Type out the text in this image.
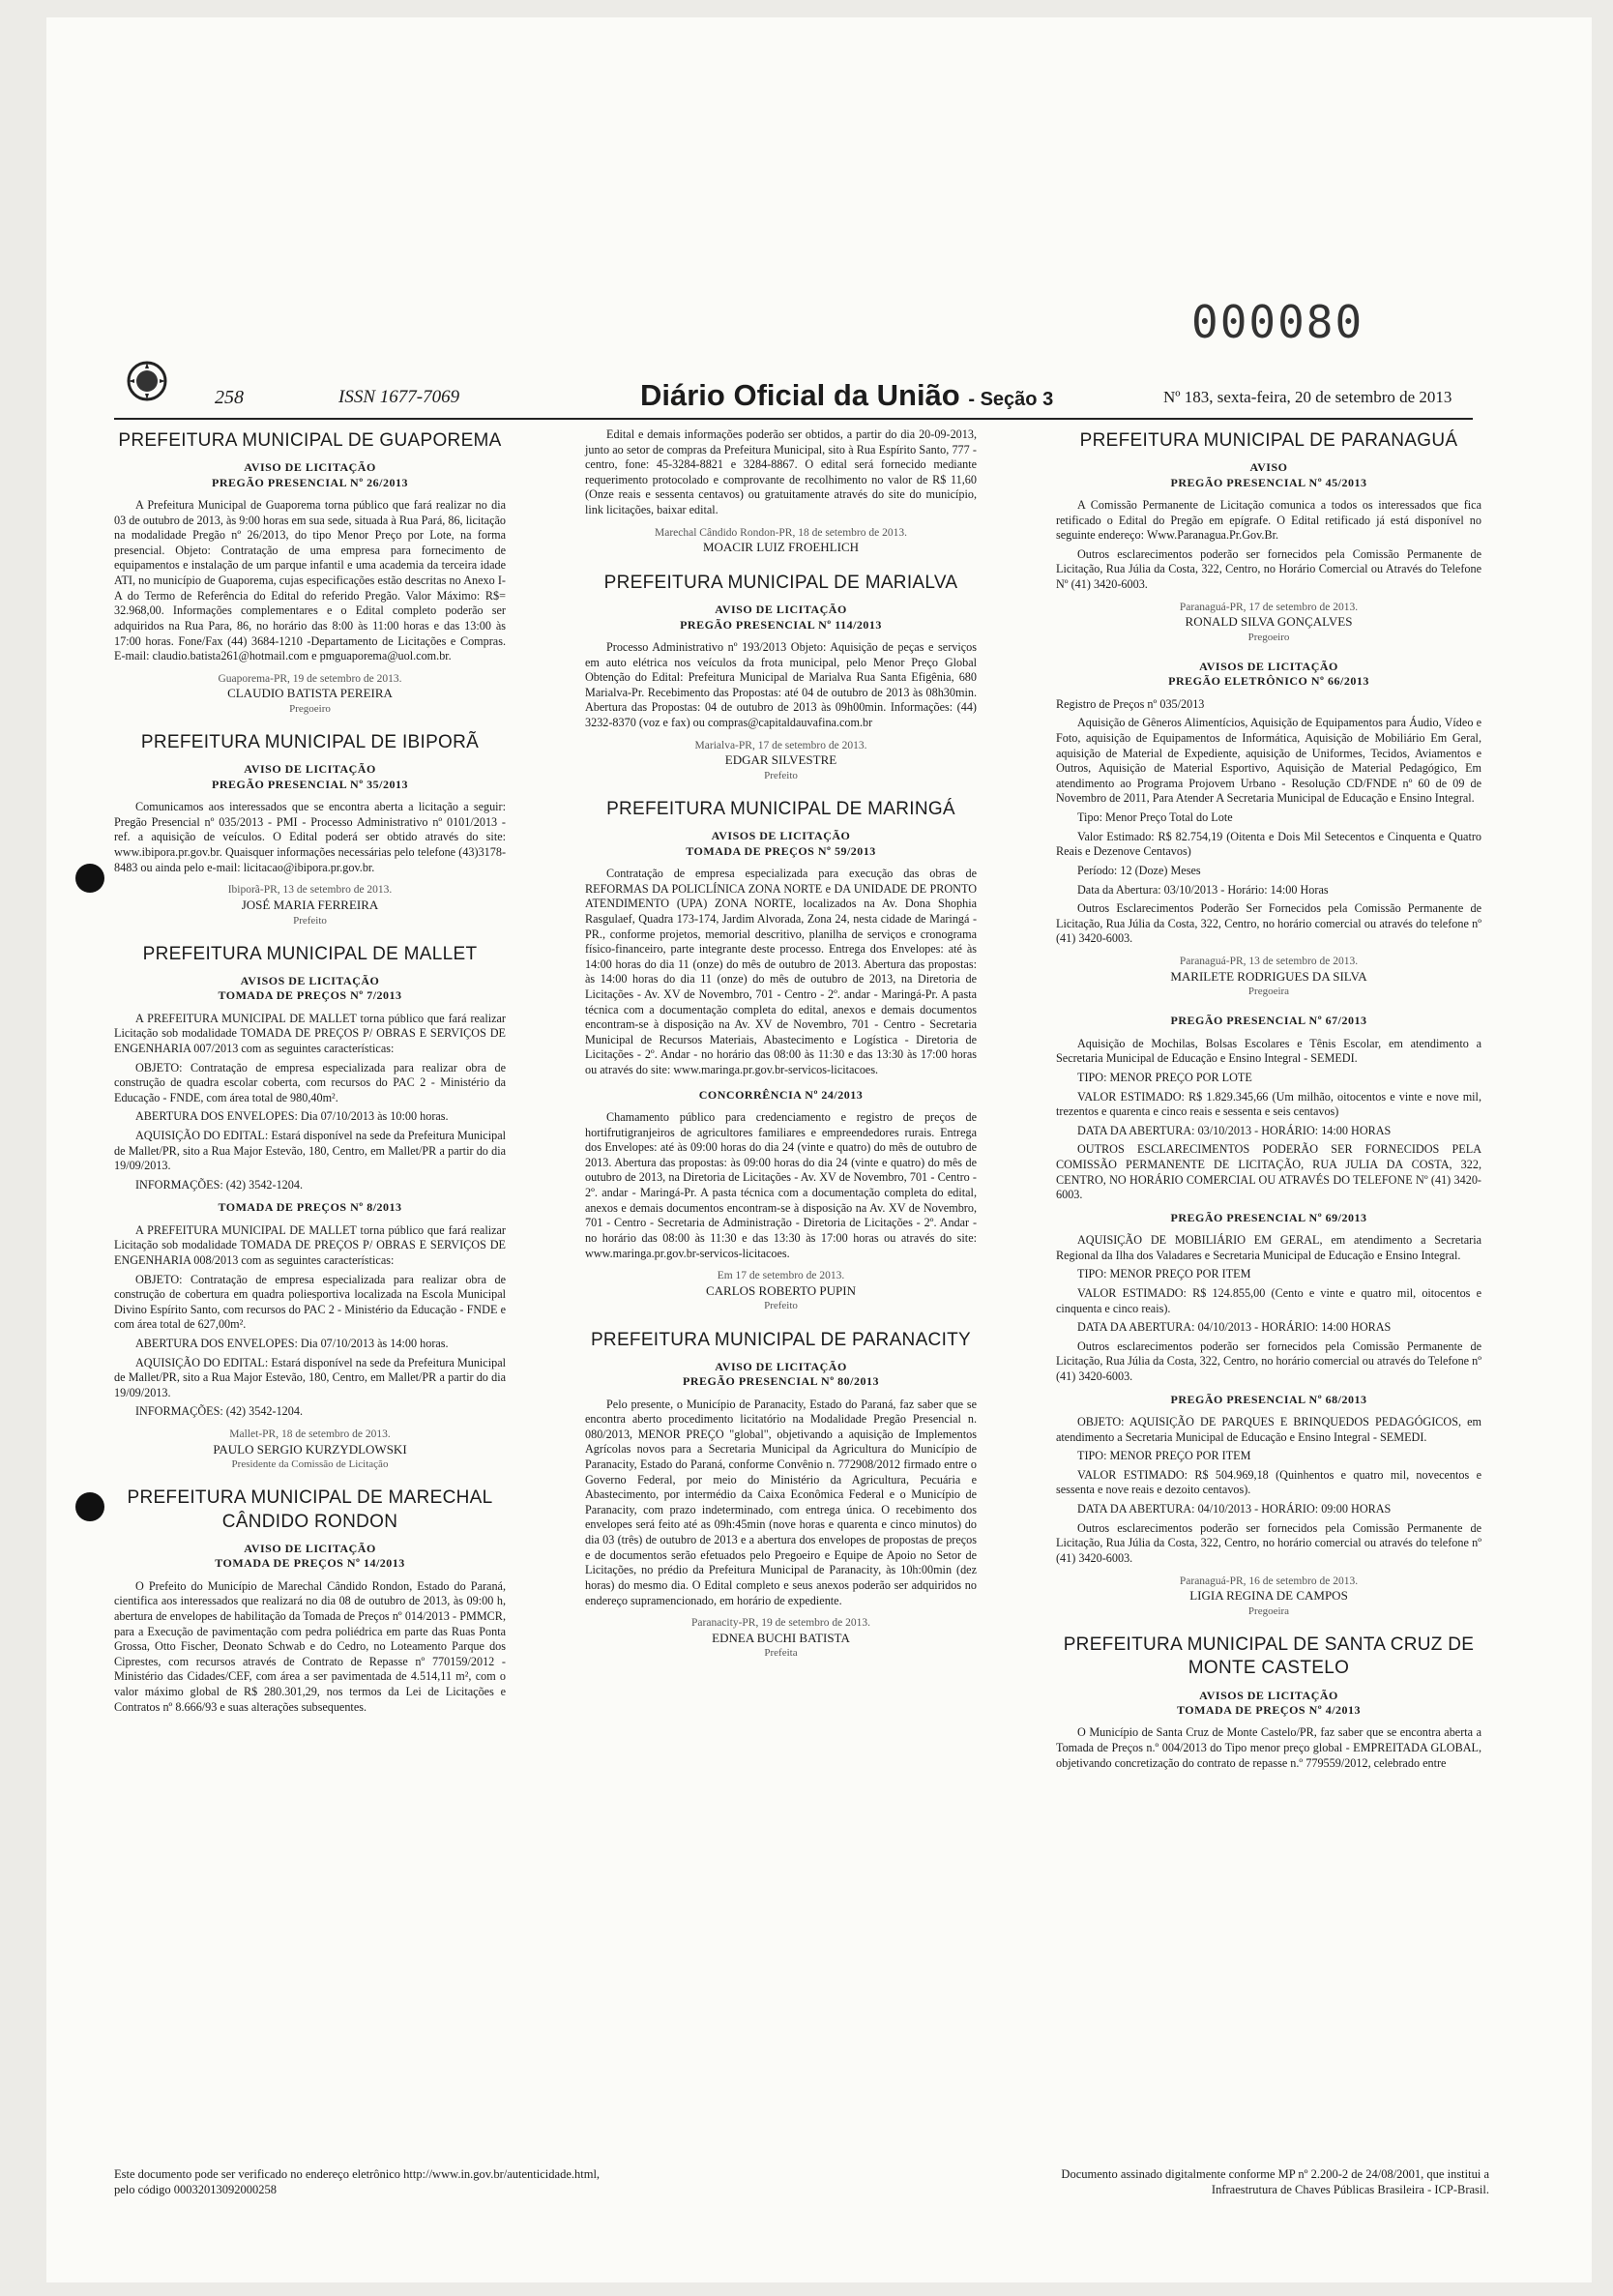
000080
258	ISSN 1677-7069	Diário Oficial da União - Seção 3	Nº 183, sexta-feira, 20 de setembro de 2013
PREFEITURA MUNICIPAL DE GUAPOREMA
AVISO DE LICITAÇÃO
PREGÃO PRESENCIAL Nº 26/2013

A Prefeitura Municipal de Guaporema torna público que fará realizar no dia 03 de outubro de 2013, às 9:00 horas em sua sede, situada à Rua Pará, 86, licitação na modalidade Pregão nº 26/2013, do tipo Menor Preço por Lote, na forma presencial. Objeto: Contratação de uma empresa para fornecimento de equipamentos e instalação de um parque infantil e uma academia da terceira idade ATI, no município de Guaporema, cujas especificações estão descritas no Anexo I-A do Termo de Referência do Edital do referido Pregão. Valor Máximo: R$= 32.968,00. Informações complementares e o Edital completo poderão ser adquiridos na Rua Para, 86, no horário das 8:00 às 11:00 horas e das 13:00 às 17:00 horas. Fone/Fax (44) 3684-1210 -Departamento de Licitações e Compras. E-mail: claudio.batista261@hotmail.com e pmguaporema@uol.com.br.

Guaporema-PR, 19 de setembro de 2013.
CLAUDIO BATISTA PEREIRA
Pregoeiro
PREFEITURA MUNICIPAL DE IBIPORÃ
AVISO DE LICITAÇÃO
PREGÃO PRESENCIAL Nº 35/2013

Comunicamos aos interessados que se encontra aberta a licitação a seguir: Pregão Presencial nº 035/2013 - PMI - Processo Administrativo nº 0101/2013 - ref. a aquisição de veículos. O Edital poderá ser obtido através do site: www.ibipora.pr.gov.br. Quaisquer informações necessárias pelo telefone (43)3178-8483 ou ainda pelo e-mail: licitacao@ibipora.pr.gov.br.

Ibiporã-PR, 13 de setembro de 2013.
JOSÉ MARIA FERREIRA
Prefeito
PREFEITURA MUNICIPAL DE MALLET
AVISOS DE LICITAÇÃO
TOMADA DE PREÇOS Nº 7/2013

A PREFEITURA MUNICIPAL DE MALLET torna público que fará realizar Licitação sob modalidade TOMADA DE PREÇOS P/ OBRAS E SERVIÇOS DE ENGENHARIA 007/2013 com as seguintes características:

OBJETO: Contratação de empresa especializada para realizar obra de construção de quadra escolar coberta, com recursos do PAC 2 - Ministério da Educação - FNDE, com área total de 980,40m².

ABERTURA DOS ENVELOPES: Dia 07/10/2013 às 10:00 horas.

AQUISIÇÃO DO EDITAL: Estará disponível na sede da Prefeitura Municipal de Mallet/PR, sito a Rua Major Estevão, 180, Centro, em Mallet/PR a partir do dia 19/09/2013.

INFORMAÇÕES: (42) 3542-1204.

TOMADA DE PREÇOS Nº 8/2013

A PREFEITURA MUNICIPAL DE MALLET torna público que fará realizar Licitação sob modalidade TOMADA DE PREÇOS P/ OBRAS E SERVIÇOS DE ENGENHARIA 008/2013 com as seguintes características:

OBJETO: Contratação de empresa especializada para realizar obra de construção de cobertura em quadra poliesportiva localizada na Escola Municipal Divino Espírito Santo, com recursos do PAC 2 - Ministério da Educação - FNDE e com área total de 627,00m².

ABERTURA DOS ENVELOPES: Dia 07/10/2013 às 14:00 horas.

AQUISIÇÃO DO EDITAL: Estará disponível na sede da Prefeitura Municipal de Mallet/PR, sito a Rua Major Estevão, 180, Centro, em Mallet/PR a partir do dia 19/09/2013.

INFORMAÇÕES: (42) 3542-1204.

Mallet-PR, 18 de setembro de 2013.
PAULO SERGIO KURZYDLOWSKI
Presidente da Comissão de Licitação
PREFEITURA MUNICIPAL DE MARECHAL CÂNDIDO RONDON
AVISO DE LICITAÇÃO
TOMADA DE PREÇOS Nº 14/2013

O Prefeito do Município de Marechal Cândido Rondon, Estado do Paraná, cientifica aos interessados que realizará no dia 08 de outubro de 2013, às 09:00 h, abertura de envelopes de habilitação da Tomada de Preços nº 014/2013 - PMMCR, para a Execução de pavimentação com pedra poliédrica em parte das Ruas Ponta Grossa, Otto Fischer, Deonato Schwab e do Cedro, no Loteamento Parque dos Ciprestes, com recursos através de Contrato de Repasse nº 770159/2012 - Ministério das Cidades/CEF, com área a ser pavimentada de 4.514,11 m², com o valor máximo global de R$ 280.301,29, nos termos da Lei de Licitações e Contratos nº 8.666/93 e suas alterações subsequentes.

Edital e demais informações poderão ser obtidos, a partir do dia 20-09-2013, junto ao setor de compras da Prefeitura Municipal, sito à Rua Espírito Santo, 777 - centro, fone: 45-3284-8821 e 3284-8867. O edital será fornecido mediante requerimento protocolado e comprovante de recolhimento no valor de R$ 11,60 (Onze reais e sessenta centavos) ou gratuitamente através do site do município, link licitações, baixar edital.

Marechal Cândido Rondon-PR, 18 de setembro de 2013.
MOACIR LUIZ FROEHLICH
PREFEITURA MUNICIPAL DE MARIALVA
AVISO DE LICITAÇÃO
PREGÃO PRESENCIAL Nº 114/2013

Processo Administrativo nº 193/2013 Objeto: Aquisição de peças e serviços em auto elétrica nos veículos da frota municipal, pelo Menor Preço Global Obtenção do Edital: Prefeitura Municipal de Marialva Rua Santa Efigênia, 680 Marialva-Pr. Recebimento das Propostas: até 04 de outubro de 2013 às 08h30min. Abertura das Propostas: 04 de outubro de 2013 às 09h00min. Informações: (44) 3232-8370 (voz e fax) ou compras@capitaldauvafina.com.br

Marialva-PR, 17 de setembro de 2013.
EDGAR SILVESTRE
Prefeito
PREFEITURA MUNICIPAL DE MARINGÁ
AVISOS DE LICITAÇÃO
TOMADA DE PREÇOS Nº 59/2013

Contratação de empresa especializada para execução das obras de REFORMAS DA POLICLÍNICA ZONA NORTE e DA UNIDADE DE PRONTO ATENDIMENTO (UPA) ZONA NORTE, localizados na Av. Dona Shophia Rasgulaef, Quadra 173-174, Jardim Alvorada, Zona 24, nesta cidade de Maringá - PR., conforme projetos, memorial descritivo, planilha de serviços e cronograma físico-financeiro, parte integrante deste processo. Entrega dos Envelopes: até às 14:00 horas do dia 11 (onze) do mês de outubro de 2013. Abertura das propostas: às 14:00 horas do dia 11 (onze) do mês de outubro de 2013, na Diretoria de Licitações - Av. XV de Novembro, 701 - Centro - 2º. andar - Maringá-Pr. A pasta técnica com a documentação completa do edital, anexos e demais documentos encontram-se à disposição na Av. XV de Novembro, 701 - Centro - Secretaria Municipal de Recursos Materiais, Abastecimento e Logística - Diretoria de Licitações - 2º. Andar - no horário das 08:00 às 11:30 e das 13:30 às 17:00 horas ou através do site: www.maringa.pr.gov.br-servicos-licitacoes.

CONCORRÊNCIA Nº 24/2013

Chamamento público para credenciamento e registro de preços de hortifrutigranjeiros de agricultores familiares e empreendedores rurais. Entrega dos Envelopes: até às 09:00 horas do dia 24 (vinte e quatro) do mês de outubro de 2013. Abertura das propostas: às 09:00 horas do dia 24 (vinte e quatro) do mês de outubro de 2013, na Diretoria de Licitações - Av. XV de Novembro, 701 - Centro - 2º. andar - Maringá-Pr. A pasta técnica com a documentação completa do edital, anexos e demais documentos encontram-se à disposição na Av. XV de Novembro, 701 - Centro - Secretaria de Administração - Diretoria de Licitações - 2º. Andar - no horário das 08:00 às 11:30 e das 13:30 às 17:00 horas ou através do site: www.maringa.pr.gov.br-servicos-licitacoes.

Em 17 de setembro de 2013.
CARLOS ROBERTO PUPIN
Prefeito
PREFEITURA MUNICIPAL DE PARANACITY
AVISO DE LICITAÇÃO
PREGÃO PRESENCIAL Nº 80/2013

Pelo presente, o Município de Paranacity, Estado do Paraná, faz saber que se encontra aberto procedimento licitatório na Modalidade Pregão Presencial n. 080/2013, MENOR PREÇO "global", objetivando a aquisição de Implementos Agrícolas novos para a Secretaria Municipal da Agricultura do Município de Paranacity, Estado do Paraná, conforme Convênio n. 772908/2012 firmado entre o Governo Federal, por meio do Ministério da Agricultura, Pecuária e Abastecimento, por intermédio da Caixa Econômica Federal e o Município de Paranacity, com prazo indeterminado, com entrega única. O recebimento dos envelopes será feito até as 09h:45min (nove horas e quarenta e cinco minutos) do dia 03 (três) de outubro de 2013 e a abertura dos envelopes de propostas de preços e de documentos serão efetuados pelo Pregoeiro e Equipe de Apoio no Setor de Licitações, no prédio da Prefeitura Municipal de Paranacity, às 10h:00min (dez horas) do mesmo dia. O Edital completo e seus anexos poderão ser adquiridos no endereço supramencionado, em horário de expediente.

Paranacity-PR, 19 de setembro de 2013.
EDNEA BUCHI BATISTA
Prefeita
PREFEITURA MUNICIPAL DE PARANAGUÁ
AVISO
PREGÃO PRESENCIAL Nº 45/2013

A Comissão Permanente de Licitação comunica a todos os interessados que fica retificado o Edital do Pregão em epígrafe. O Edital retificado já está disponível no seguinte endereço: Www.Paranagua.Pr.Gov.Br.

Outros esclarecimentos poderão ser fornecidos pela Comissão Permanente de Licitação, Rua Júlia da Costa, 322, Centro, no Horário Comercial ou Através do Telefone Nº (41) 3420-6003.

Paranaguá-PR, 17 de setembro de 2013.
RONALD SILVA GONÇALVES
Pregoeiro
AVISOS DE LICITAÇÃO
PREGÃO ELETRÔNICO Nº 66/2013

Registro de Preços nº 035/2013

Aquisição de Gêneros Alimentícios, Aquisição de Equipamentos para Áudio, Vídeo e Foto, aquisição de Equipamentos de Informática, Aquisição de Mobiliário Em Geral, aquisição de Material de Expediente, aquisição de Uniformes, Tecidos, Aviamentos e Outros, Aquisição de Material Esportivo, Aquisição de Material Pedagógico, Em atendimento ao Programa Projovem Urbano - Resolução CD/FNDE nº 60 de 09 de Novembro de 2011, Para Atender A Secretaria Municipal de Educação e Ensino Integral.

Tipo: Menor Preço Total do Lote

Valor Estimado: R$ 82.754,19 (Oitenta e Dois Mil Setecentos e Cinquenta e Quatro Reais e Dezenove Centavos)

Período: 12 (Doze) Meses

Data da Abertura: 03/10/2013 - Horário: 14:00 Horas

Outros Esclarecimentos Poderão Ser Fornecidos pela Comissão Permanente de Licitação, Rua Júlia da Costa, 322, Centro, no horário comercial ou através do telefone nº (41) 3420-6003.

Paranaguá-PR, 13 de setembro de 2013.
MARILETE RODRIGUES DA SILVA
Pregoeira
PREGÃO PRESENCIAL Nº 67/2013

Aquisição de Mochilas, Bolsas Escolares e Tênis Escolar, em atendimento a Secretaria Municipal de Educação e Ensino Integral - SEMEDI.

TIPO: MENOR PREÇO POR LOTE

VALOR ESTIMADO: R$ 1.829.345,66 (Um milhão, oitocentos e vinte e nove mil, trezentos e quarenta e cinco reais e sessenta e seis centavos)

DATA DA ABERTURA: 03/10/2013 - HORÁRIO: 14:00 HORAS

OUTROS ESCLARECIMENTOS PODERÃO SER FORNECIDOS PELA COMISSÃO PERMANENTE DE LICITAÇÃO, RUA JULIA DA COSTA, 322, CENTRO, NO HORÁRIO COMERCIAL OU ATRAVÉS DO TELEFONE Nº (41) 3420-6003.

PREGÃO PRESENCIAL Nº 69/2013

AQUISIÇÃO DE MOBILIÁRIO EM GERAL, em atendimento a Secretaria Regional da Ilha dos Valadares e Secretaria Municipal de Educação e Ensino Integral.

TIPO: MENOR PREÇO POR ITEM

VALOR ESTIMADO: R$ 124.855,00 (Cento e vinte e quatro mil, oitocentos e cinquenta e cinco reais).

DATA DA ABERTURA: 04/10/2013 - HORÁRIO: 14:00 HORAS

Outros esclarecimentos poderão ser fornecidos pela Comissão Permanente de Licitação, Rua Júlia da Costa, 322, Centro, no horário comercial ou através do Telefone nº (41) 3420-6003.

PREGÃO PRESENCIAL Nº 68/2013

OBJETO: AQUISIÇÃO DE PARQUES E BRINQUEDOS PEDAGÓGICOS, em atendimento a Secretaria Municipal de Educação e Ensino Integral - SEMEDI.

TIPO: MENOR PREÇO POR ITEM

VALOR ESTIMADO: R$ 504.969,18 (Quinhentos e quatro mil, novecentos e sessenta e nove reais e dezoito centavos).

DATA DA ABERTURA: 04/10/2013 - HORÁRIO: 09:00 HORAS

Outros esclarecimentos poderão ser fornecidos pela Comissão Permanente de Licitação, Rua Júlia da Costa, 322, Centro, no horário comercial ou através do telefone nº (41) 3420-6003.

Paranaguá-PR, 16 de setembro de 2013.
LIGIA REGINA DE CAMPOS
Pregoeira
PREFEITURA MUNICIPAL DE SANTA CRUZ DE MONTE CASTELO
AVISOS DE LICITAÇÃO
TOMADA DE PREÇOS Nº 4/2013

O Município de Santa Cruz de Monte Castelo/PR, faz saber que se encontra aberta a Tomada de Preços n.º 004/2013 do Tipo menor preço global - EMPREITADA GLOBAL, objetivando concretização do contrato de repasse n.º 779559/2012, celebrado entre

Este documento pode ser verificado no endereço eletrônico http://www.in.gov.br/autenticidade.html,
pelo código 00032013092000258
Documento assinado digitalmente conforme MP nº 2.200-2 de 24/08/2001, que institui a
Infraestrutura de Chaves Públicas Brasileira - ICP-Brasil.
